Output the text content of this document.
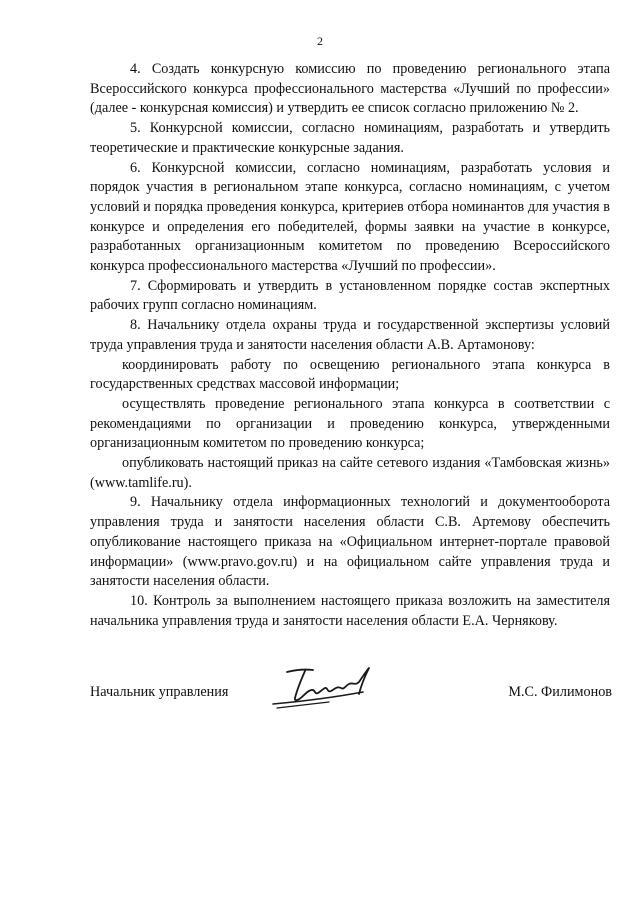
2

4. Создать конкурсную комиссию по проведению регионального этапа Всероссийского конкурса профессионального мастерства «Лучший по профессии» (далее - конкурсная комиссия) и утвердить ее список согласно приложению № 2.

5. Конкурсной комиссии, согласно номинациям, разработать и утвердить теоретические и практические конкурсные задания.

6. Конкурсной комиссии, согласно номинациям, разработать условия и порядок участия в региональном этапе конкурса, согласно номинациям, с учетом условий и порядка проведения конкурса, критериев отбора номинантов для участия в конкурсе и определения его победителей, формы заявки на участие в конкурсе, разработанных организационным комитетом по проведению Всероссийского конкурса профессионального мастерства «Лучший по профессии».

7. Сформировать и утвердить в установленном порядке состав экспертных рабочих групп согласно номинациям.

8. Начальнику отдела охраны труда и государственной экспертизы условий труда управления труда и занятости населения области А.В. Артамонову:

координировать работу по освещению регионального этапа конкурса в государственных средствах массовой информации;

осуществлять проведение регионального этапа конкурса в соответствии с рекомендациями по организации и проведению конкурса, утвержденными организационным комитетом по проведению конкурса;

опубликовать настоящий приказ на сайте сетевого издания «Тамбовская жизнь» (www.tamlife.ru).

9. Начальнику отдела информационных технологий и документооборота управления труда и занятости населения области С.В. Артемову обеспечить опубликование настоящего приказа на «Официальном интернет-портале правовой информации» (www.pravo.gov.ru) и на официальном сайте управления труда и занятости населения области.

10. Контроль за выполнением настоящего приказа возложить на заместителя начальника управления труда и занятости населения области Е.А. Чернякову.

Начальник управления	М.С. Филимонов
